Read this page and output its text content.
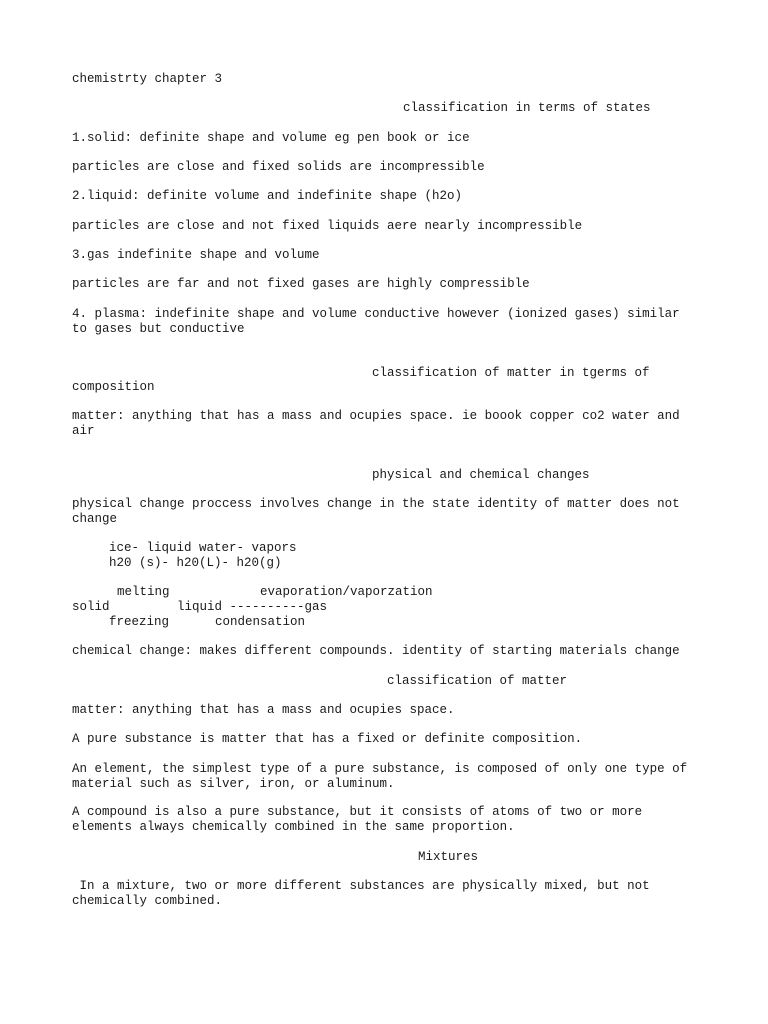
chemistrty chapter 3

classification in terms of states

1.solid: definite shape and volume eg pen book or ice

particles are close and fixed solids are incompressible

2.liquid: definite volume and indefinite shape (h2o)

particles are close and not fixed liquids aere nearly incompressible

3.gas indefinite shape and volume

particles are far and not fixed gases are highly compressible

4. plasma: indefinite shape and volume conductive however (ionized gases) similar to gases but conductive

classification of matter in tgerms of

composition

matter: anything that has a mass and ocupies space. ie boook copper co2 water and air

physical and chemical changes

physical change proccess involves change in the state identity of matter does not change

ice- liquid water- vapors

h20 (s)- h20(L)- h20(g)

melting	evaporation/vaporzation

solid	liquid ----------gas

freezing	condensation

chemical change: makes different compounds. identity of starting materials change

classification of matter

matter: anything that has a mass and ocupies space.

A pure substance is matter that has a fixed or definite composition.

An element, the simplest type of a pure substance, is composed of only one type of material such as silver, iron, or aluminum.

A compound is also a pure substance, but it consists of atoms of two or more elements always chemically combined in the same proportion.

Mixtures

In a mixture, two or more different substances are physically mixed, but not chemically combined.
